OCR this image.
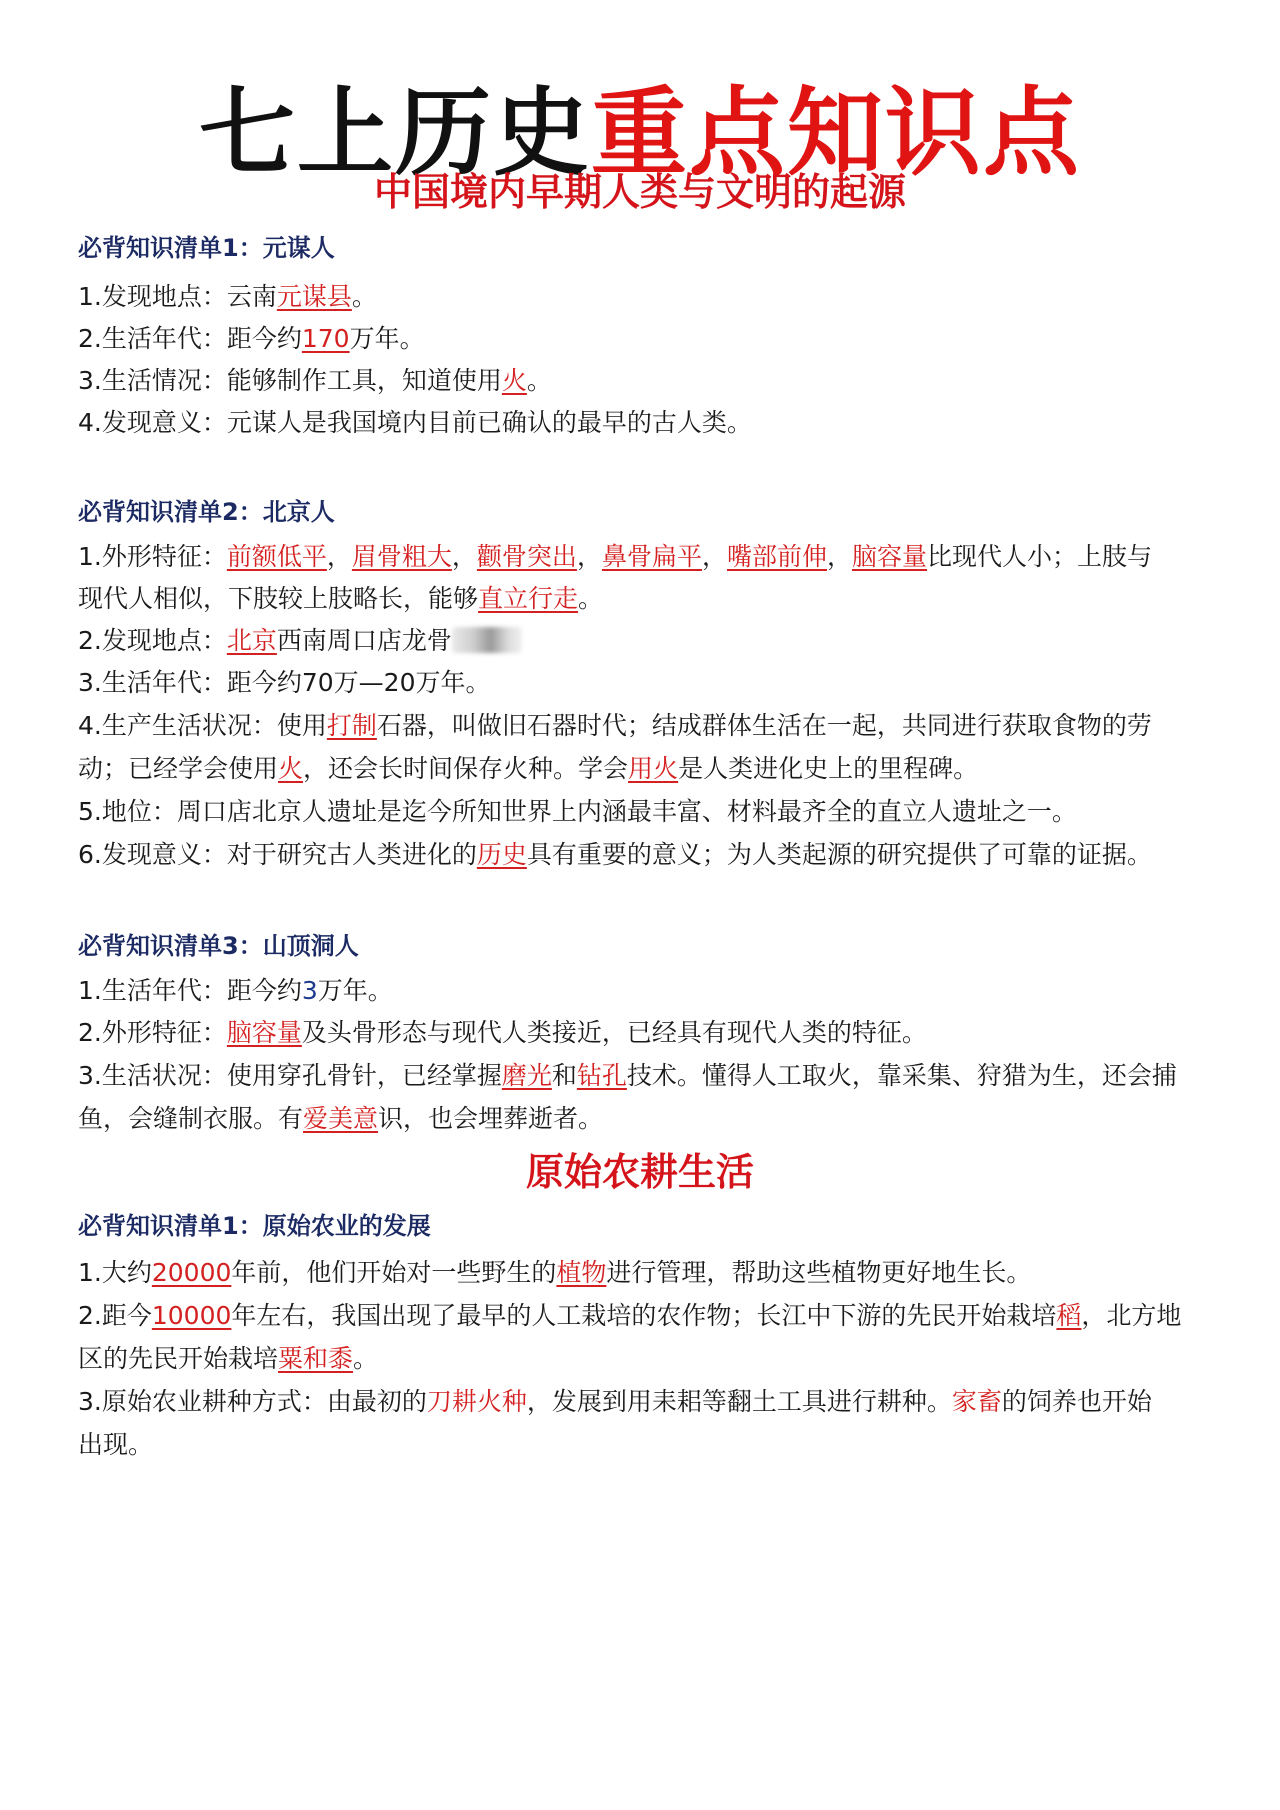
七上历史重点知识点
中国境内早期人类与文明的起源
必背知识清单1：元谋人
1.发现地点：云南元谋县。
2.生活年代：距今约170万年。
3.生活情况：能够制作工具，知道使用火。
4.发现意义：元谋人是我国境内目前已确认的最早的古人类。
必背知识清单2：北京人
1.外形特征：前额低平，眉骨粗大，颧骨突出，鼻骨扁平，嘴部前伸，脑容量比现代人小；上肢与
现代人相似，下肢较上肢略长，能够直立行走。
2.发现地点：北京西南周口店龙骨
3.生活年代：距今约70万—20万年。
4.生产生活状况：使用打制石器，叫做旧石器时代；结成群体生活在一起，共同进行获取食物的劳
动；已经学会使用火，还会长时间保存火种。学会用火是人类进化史上的里程碑。
5.地位：周口店北京人遗址是迄今所知世界上内涵最丰富、材料最齐全的直立人遗址之一。
6.发现意义：对于研究古人类进化的历史具有重要的意义；为人类起源的研究提供了可靠的证据。
必背知识清单3：山顶洞人
1.生活年代：距今约3万年。
2.外形特征：脑容量及头骨形态与现代人类接近，已经具有现代人类的特征。
3.生活状况：使用穿孔骨针，已经掌握磨光和钻孔技术。懂得人工取火，靠采集、狩猎为生，还会捕
鱼，会缝制衣服。有爱美意识，也会埋葬逝者。
原始农耕生活
必背知识清单1：原始农业的发展
1.大约20000年前，他们开始对一些野生的植物进行管理，帮助这些植物更好地生长。
2.距今10000年左右，我国出现了最早的人工栽培的农作物；长江中下游的先民开始栽培稻，北方地
区的先民开始栽培粟和黍。
3.原始农业耕种方式：由最初的刀耕火种，发展到用耒耜等翻土工具进行耕种。家畜的饲养也开始
出现。
